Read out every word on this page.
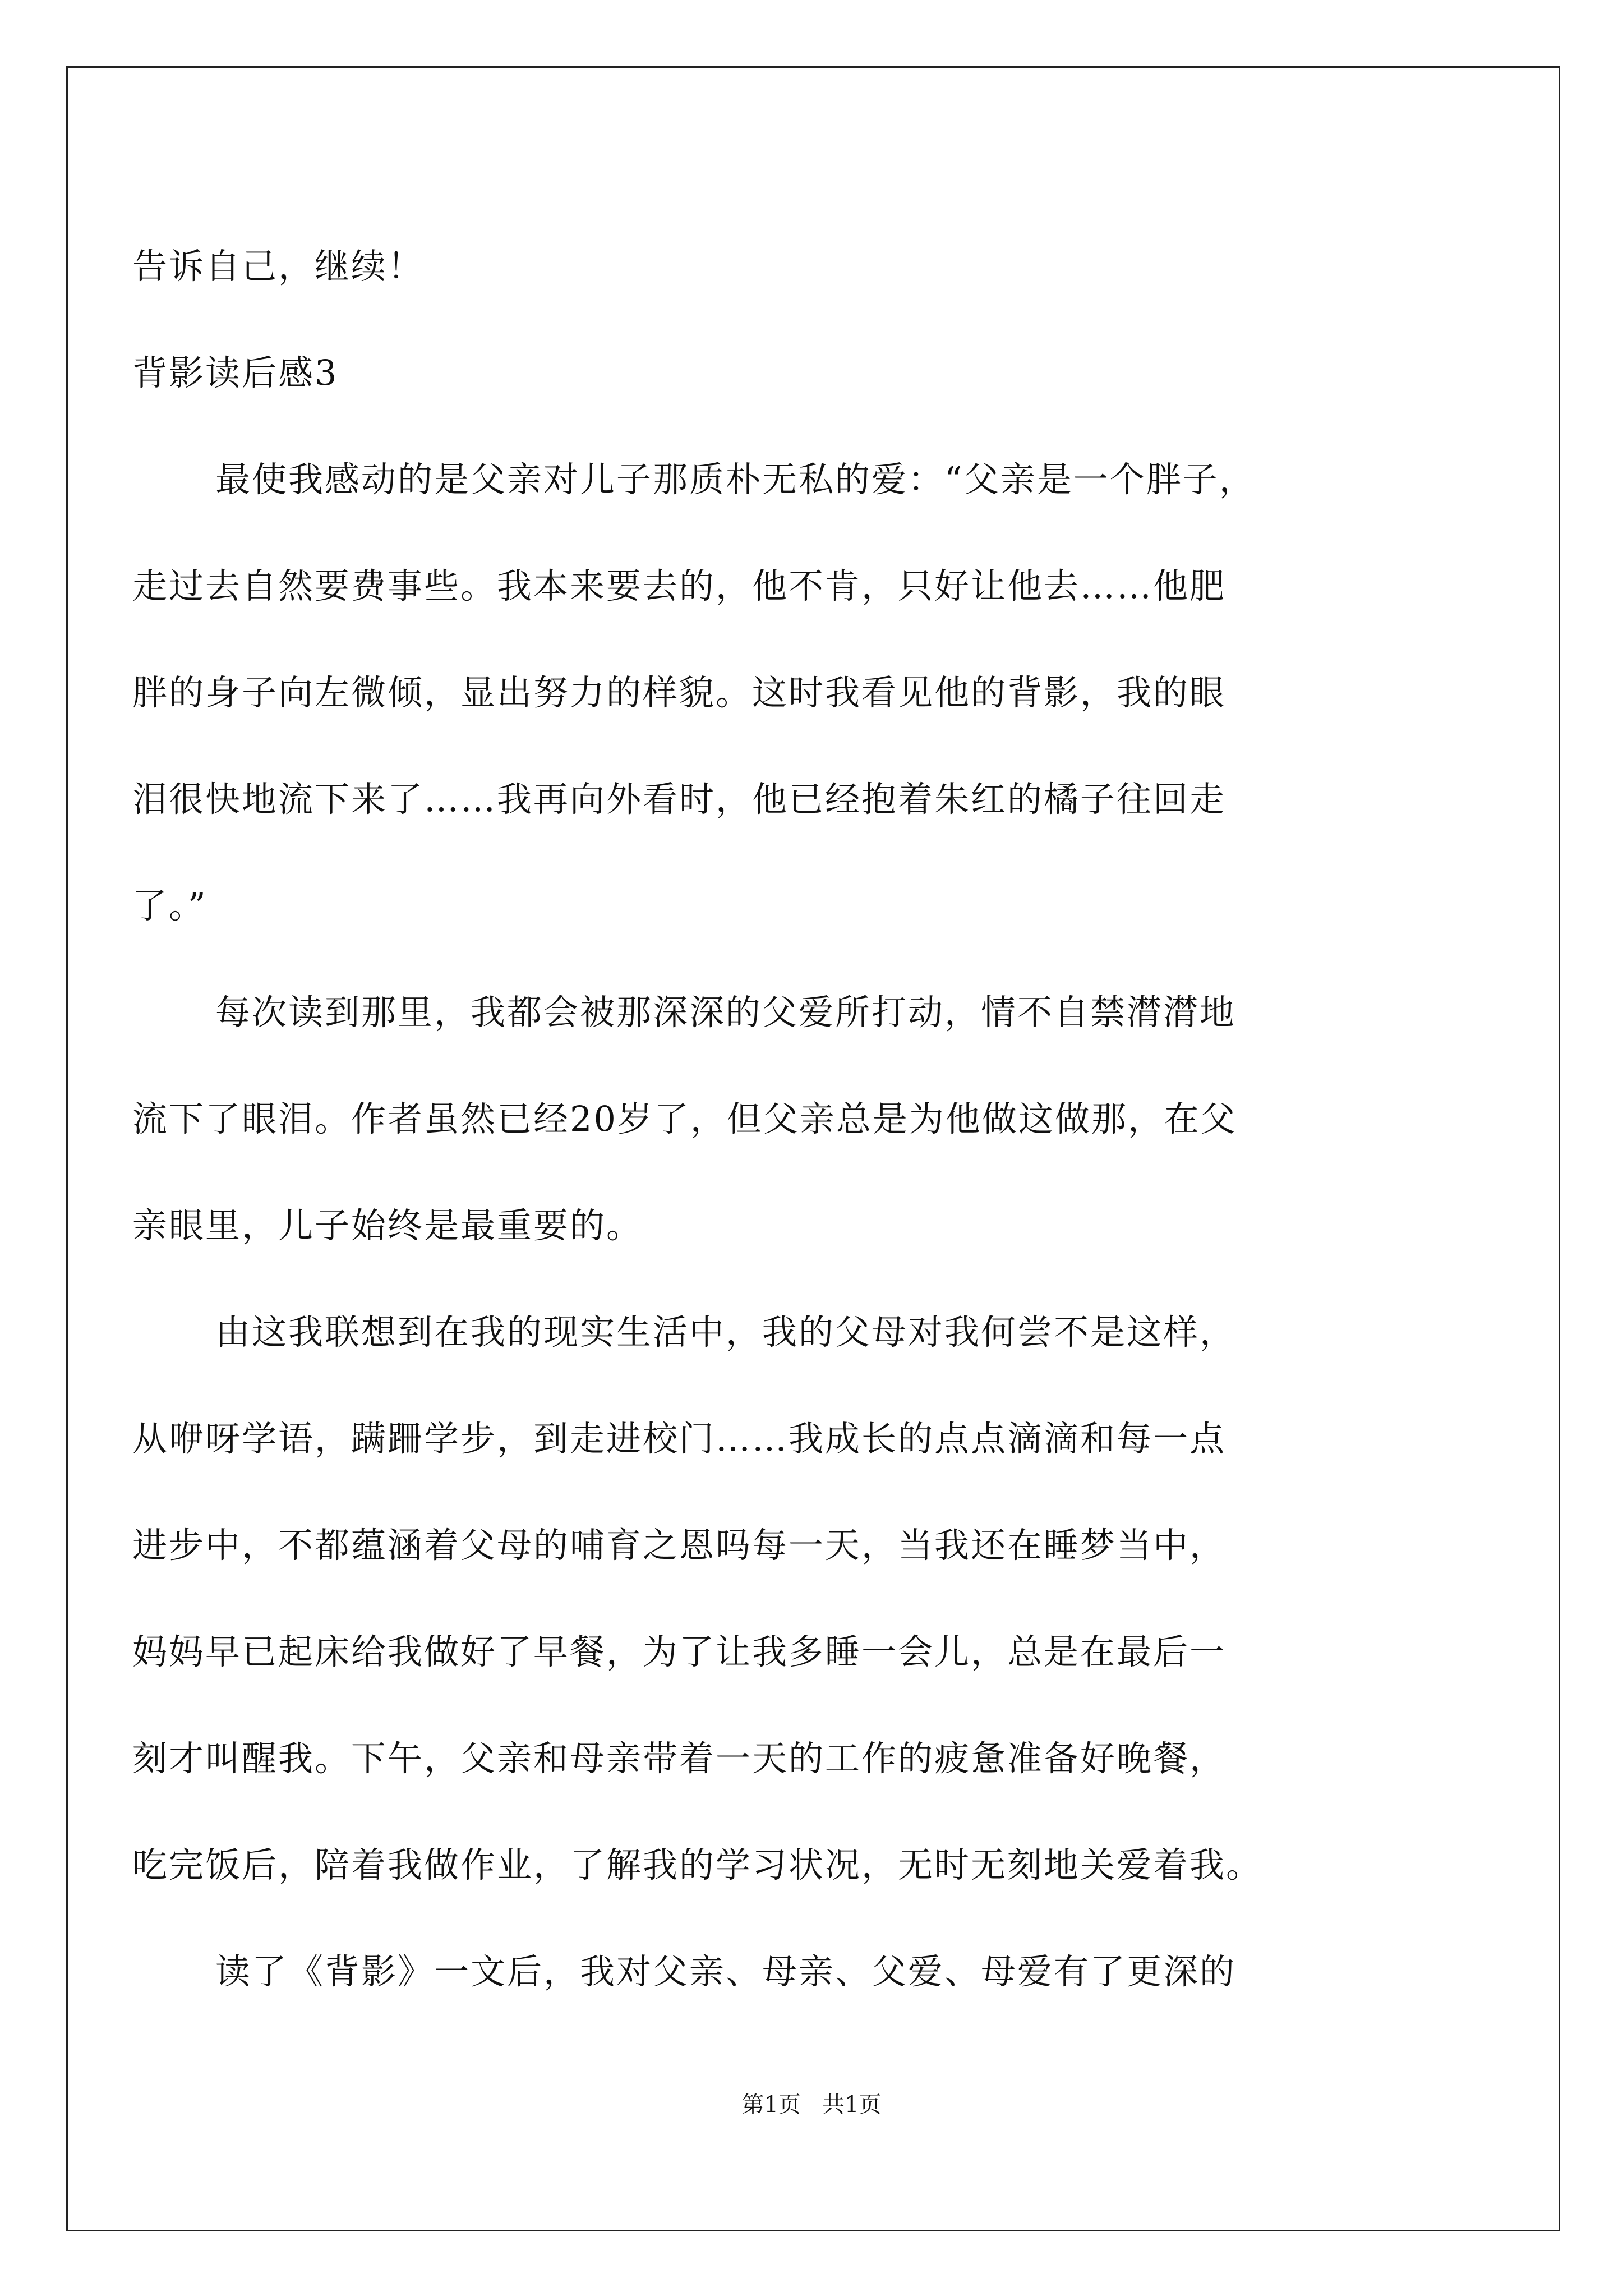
告诉自己，继续！
背影读后感3
最使我感动的是父亲对儿子那质朴无私的爱：“父亲是一个胖子，
走过去自然要费事些。我本来要去的，他不肯，只好让他去……他肥
胖的身子向左微倾，显出努力的样貌。这时我看见他的背影，我的眼
泪很快地流下来了……我再向外看时，他已经抱着朱红的橘子往回走
了。”
每次读到那里，我都会被那深深的父爱所打动，情不自禁潸潸地
流下了眼泪。作者虽然已经20岁了，但父亲总是为他做这做那，在父
亲眼里，儿子始终是最重要的。
由这我联想到在我的现实生活中，我的父母对我何尝不是这样，
从咿呀学语，蹒跚学步，到走进校门……我成长的点点滴滴和每一点
进步中，不都蕴涵着父母的哺育之恩吗每一天，当我还在睡梦当中，
妈妈早已起床给我做好了早餐，为了让我多睡一会儿，总是在最后一
刻才叫醒我。下午，父亲和母亲带着一天的工作的疲惫准备好晚餐，
吃完饭后，陪着我做作业，了解我的学习状况，无时无刻地关爱着我。
读了《背影》一文后，我对父亲、母亲、父爱、母爱有了更深的
第1页   共1页
